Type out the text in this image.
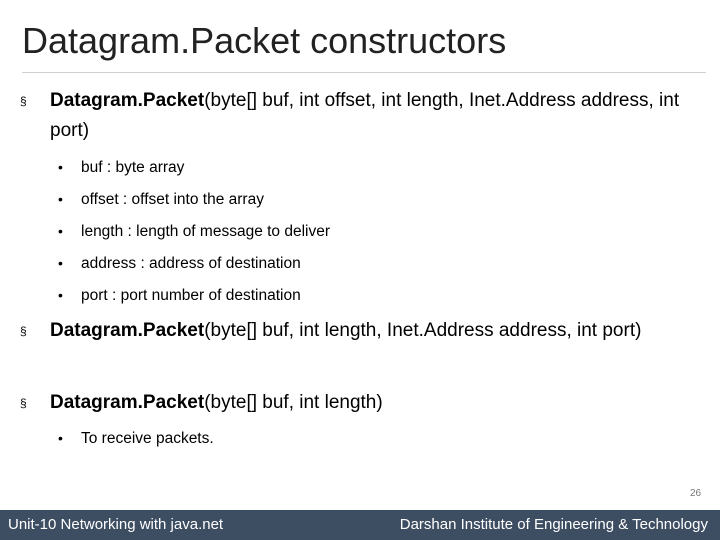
Datagram.Packet constructors
§	Datagram.Packet(byte[] buf, int offset, int length, Inet.Address address, int port)
• buf : byte array
• offset : offset into the array
• length : length of message to deliver
• address : address of destination
• port : port number of destination
§	Datagram.Packet(byte[] buf, int length, Inet.Address address, int port)
§	Datagram.Packet(byte[] buf, int length)
• To receive packets.
26
Unit-10 Networking with java.net	Darshan Institute of Engineering & Technology
